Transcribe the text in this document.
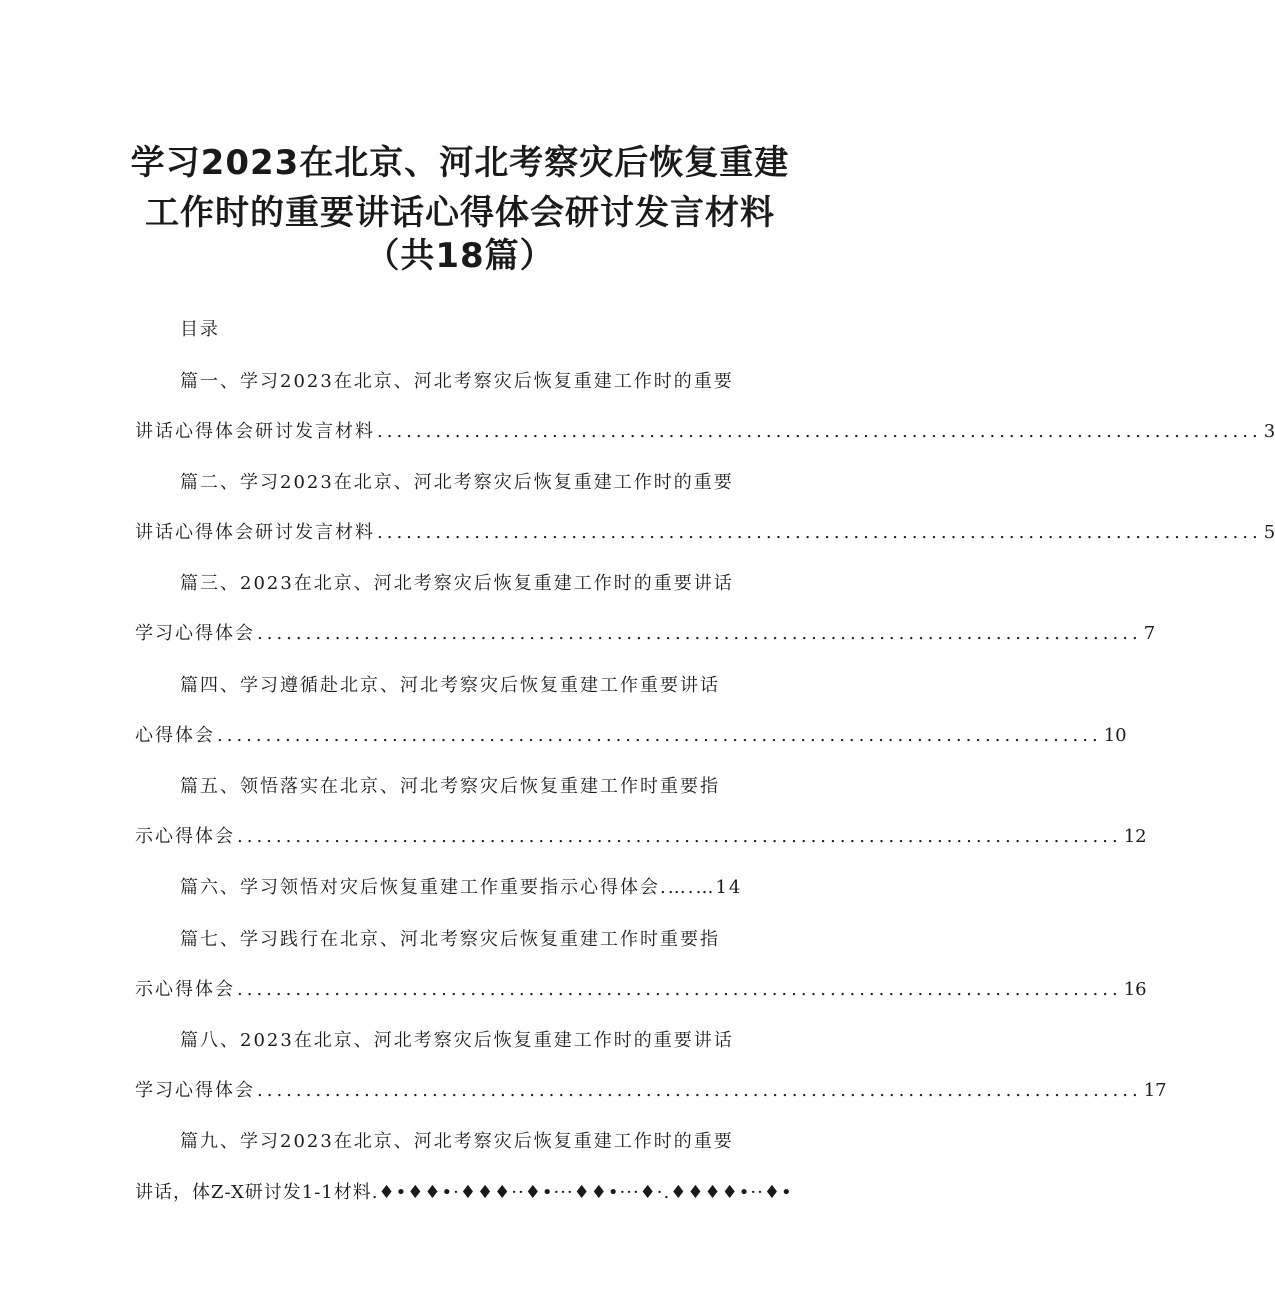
学习2023在北京、河北考察灾后恢复重建
工作时的重要讲话心得体会研讨发言材料
（共18篇）
目录
篇一、学习2023在北京、河北考察灾后恢复重建工作时的重要
讲话心得体会研讨发言材料 ........................................................................................... 3
篇二、学习2023在北京、河北考察灾后恢复重建工作时的重要
讲话心得体会研讨发言材料 ........................................................................................... 5
篇三、2023在北京、河北考察灾后恢复重建工作时的重要讲话
学习心得体会 ........................................................................................... 7
篇四、学习遵循赴北京、河北考察灾后恢复重建工作重要讲话
心得体会 ........................................................................................... 10
篇五、领悟落实在北京、河北考察灾后恢复重建工作时重要指
示心得体会 ........................................................................................... 12
篇六、学习领悟对灾后恢复重建工作重要指示心得体会.….…14
篇七、学习践行在北京、河北考察灾后恢复重建工作时重要指
示心得体会 ........................................................................................... 16
篇八、2023在北京、河北考察灾后恢复重建工作时的重要讲话
学习心得体会 ........................................................................................... 17
篇九、学习2023在北京、河北考察灾后恢复重建工作时的重要
讲话，体Z-X研讨发1-1材料.♦•♦♦•·♦♦♦··♦•···♦♦•···♦·.♦♦♦♦•··♦•
